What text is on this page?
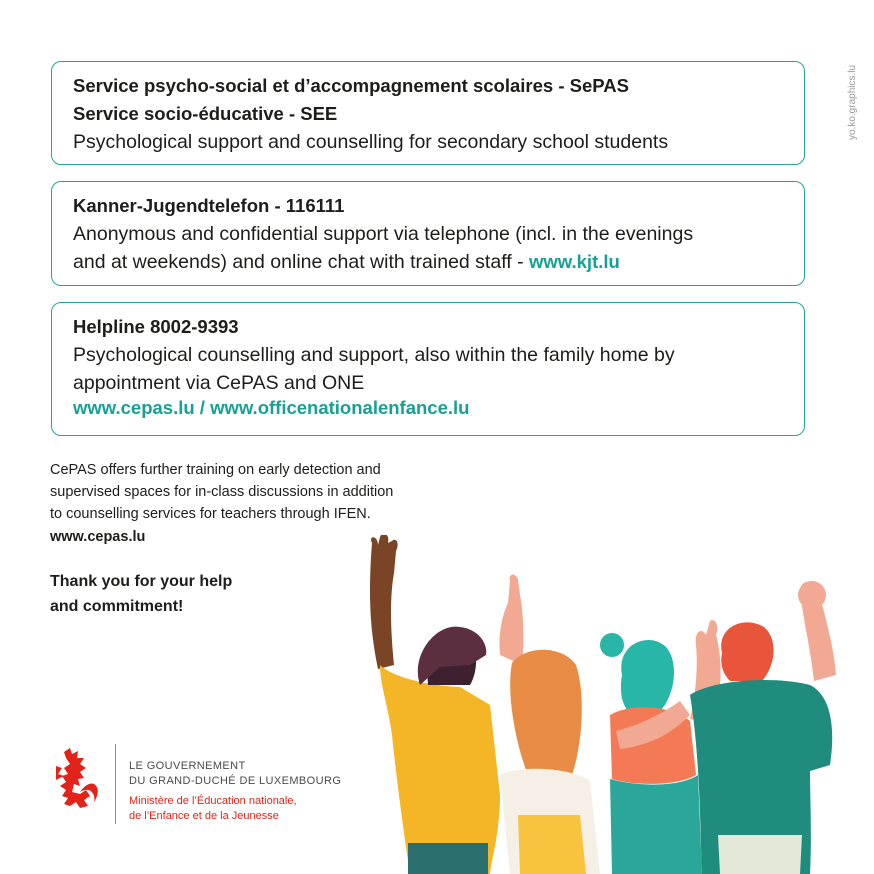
yo.ko.graphics.lu
Service psycho-social et d’accompagnement scolaires - SePAS
Service socio-éducative - SEE
Psychological support and counselling for secondary school students
Kanner-Jugendtelefon - 116111
Anonymous and confidential support via telephone (incl. in the evenings
and at weekends) and online chat with trained staff - www.kjt.lu
Helpline 8002-9393
Psychological counselling and support, also within the family home by
appointment via CePAS and ONE
www.cepas.lu / www.officenationalenfance.lu
CePAS offers further training on early detection and
supervised spaces for in-class discussions in addition
to counselling services for teachers through IFEN.
www.cepas.lu
Thank you for your help
and commitment!
LE GOUVERNEMENT
DU GRAND-DUCHÉ DE LUXEMBOURG
Ministère de l’Éducation nationale,
de l’Enfance et de la Jeunesse
